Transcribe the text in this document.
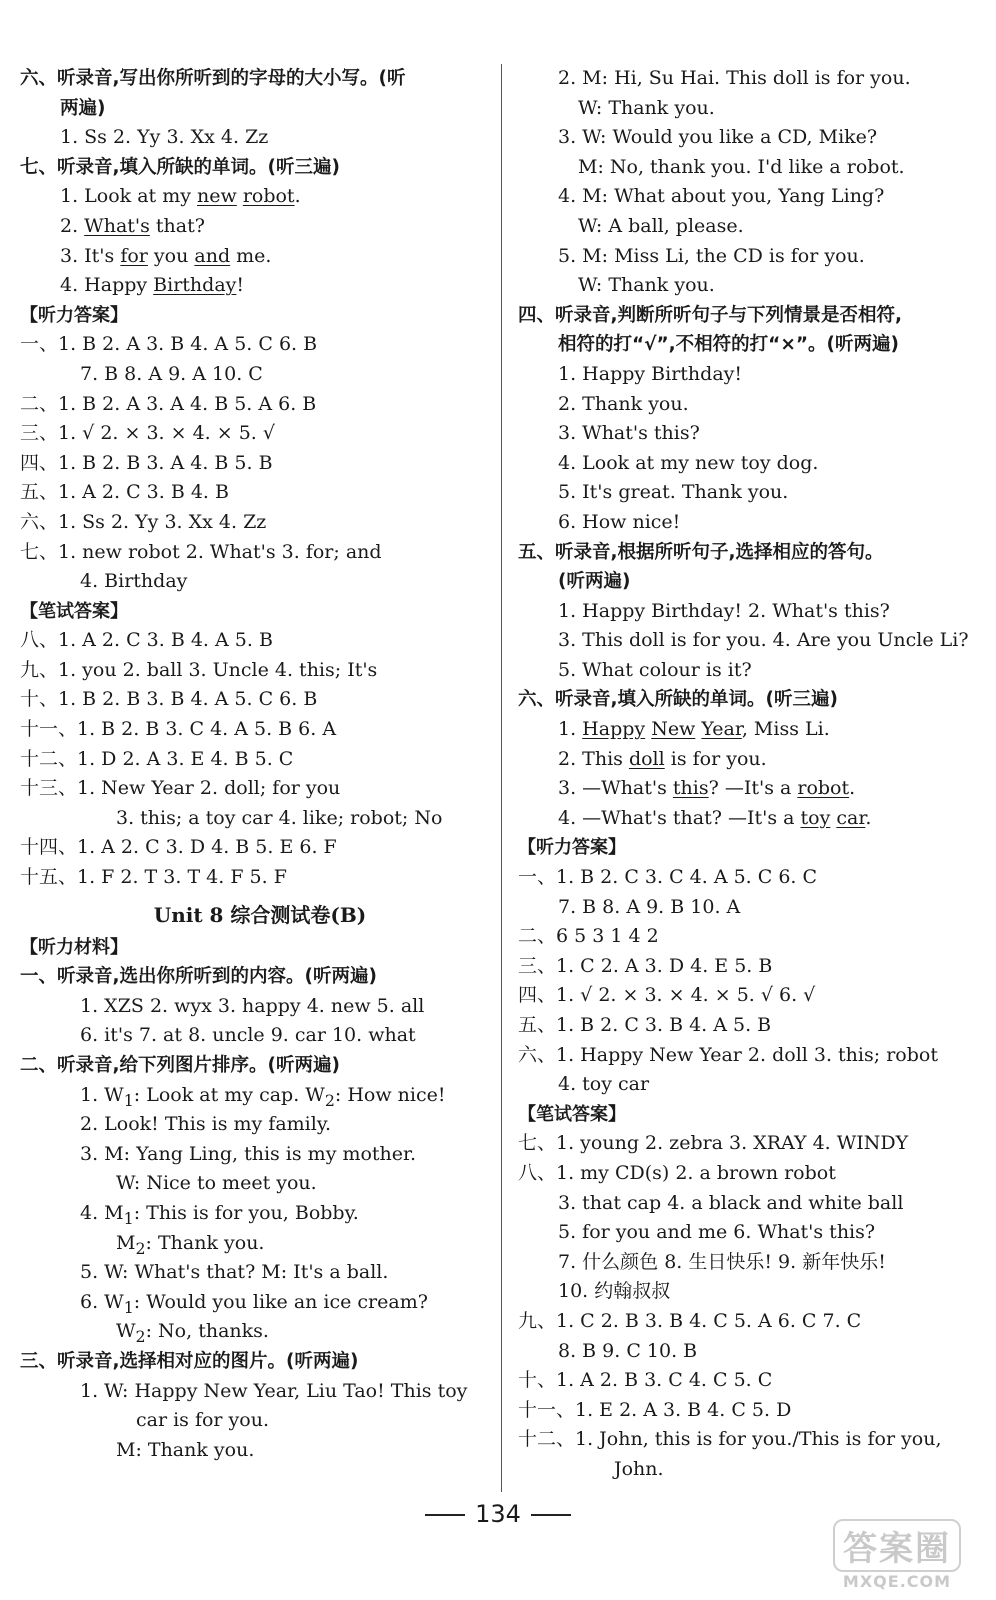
六、听录音,写出你所听到的字母的大小写。(听
两遍)
1. Ss 2. Yy 3. Xx 4. Zz
七、听录音,填入所缺的单词。(听三遍)
1. Look at my new robot.
2. What's that?
3. It's for you and me.
4. Happy Birthday!
【听力答案】
一、1. B 2. A 3. B 4. A 5. C 6. B
7. B 8. A 9. A 10. C
二、1. B 2. A 3. A 4. B 5. A 6. B
三、1. √ 2. × 3. × 4. × 5. √
四、1. B 2. B 3. A 4. B 5. B
五、1. A 2. C 3. B 4. B
六、1. Ss 2. Yy 3. Xx 4. Zz
七、1. new robot 2. What's 3. for; and
4. Birthday
【笔试答案】
八、1. A 2. C 3. B 4. A 5. B
九、1. you 2. ball 3. Uncle 4. this; It's
十、1. B 2. B 3. B 4. A 5. C 6. B
十一、1. B 2. B 3. C 4. A 5. B 6. A
十二、1. D 2. A 3. E 4. B 5. C
十三、1. New Year 2. doll; for you
3. this; a toy car 4. like; robot; No
十四、1. A 2. C 3. D 4. B 5. E 6. F
十五、1. F 2. T 3. T 4. F 5. F
Unit 8 综合测试卷(B)
【听力材料】
一、听录音,选出你所听到的内容。(听两遍)
1. XZS 2. wyx 3. happy 4. new 5. all
6. it's 7. at 8. uncle 9. car 10. what
二、听录音,给下列图片排序。(听两遍)
1. $W_1$: Look at my cap. $W_2$: How nice!
2. Look! This is my family.
3. M: Yang Ling, this is my mother.
W: Nice to meet you.
4. $M_1$: This is for you, Bobby.
$M_2$: Thank you.
5. W: What's that? M: It's a ball.
6. $W_1$: Would you like an ice cream?
$W_2$: No, thanks.
三、听录音,选择相对应的图片。(听两遍)
1. W: Happy New Year, Liu Tao! This toy
car is for you.
M: Thank you.
2. M: Hi, Su Hai. This doll is for you.
W: Thank you.
3. W: Would you like a CD, Mike?
M: No, thank you. I'd like a robot.
4. M: What about you, Yang Ling?
W: A ball, please.
5. M: Miss Li, the CD is for you.
W: Thank you.
四、听录音,判断所听句子与下列情景是否相符,
相符的打“√”,不相符的打“×”。(听两遍)
1. Happy Birthday!
2. Thank you.
3. What's this?
4. Look at my new toy dog.
5. It's great. Thank you.
6. How nice!
五、听录音,根据所听句子,选择相应的答句。
(听两遍)
1. Happy Birthday! 2. What's this?
3. This doll is for you. 4. Are you Uncle Li?
5. What colour is it?
六、听录音,填入所缺的单词。(听三遍)
1. Happy New Year, Miss Li.
2. This doll is for you.
3. —What's this? —It's a robot.
4. —What's that? —It's a toy car.
【听力答案】
一、1. B 2. C 3. C 4. A 5. C 6. C
7. B 8. A 9. B 10. A
二、6 5 3 1 4 2
三、1. C 2. A 3. D 4. E 5. B
四、1. √ 2. × 3. × 4. × 5. √ 6. √
五、1. B 2. C 3. B 4. A 5. B
六、1. Happy New Year 2. doll 3. this; robot
4. toy car
【笔试答案】
七、1. young 2. zebra 3. XRAY 4. WINDY
八、1. my CD(s) 2. a brown robot
3. that cap 4. a black and white ball
5. for you and me 6. What's this?
7. 什么颜色 8. 生日快乐! 9. 新年快乐!
10. 约翰叔叔
九、1. C 2. B 3. B 4. C 5. A 6. C 7. C
8. B 9. C 10. B
十、1. A 2. B 3. C 4. C 5. C
十一、1. E 2. A 3. B 4. C 5. D
十二、1. John, this is for you./This is for you,
John.
134
答案圈
MXQE.COM
